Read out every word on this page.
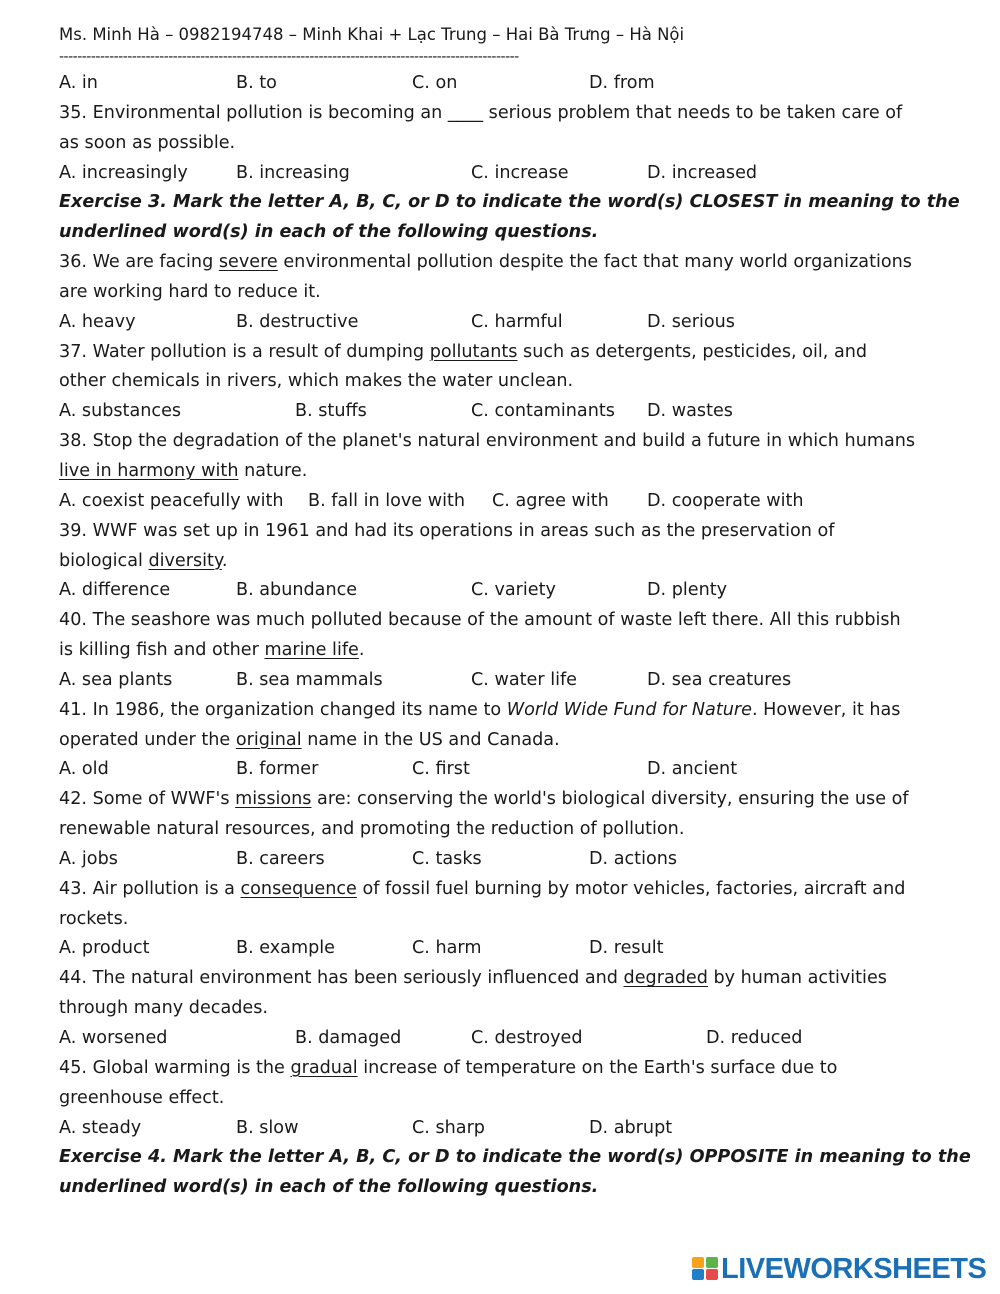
Ms. Minh Hà – 0982194748 – Minh Khai + Lạc Trung – Hai Bà Trưng – Hà Nội
-----------------------------------------------------------------------------------------------------
A. in	B. to	C. on	D. from
35. Environmental pollution is becoming an ____ serious problem that needs to be taken care of
as soon as possible.
A. increasingly	B. increasing	C. increase	D. increased
Exercise 3. Mark the letter A, B, C, or D to indicate the word(s) CLOSEST in meaning to the
underlined word(s) in each of the following questions.
36. We are facing severe environmental pollution despite the fact that many world organizations
are working hard to reduce it.
A. heavy	B. destructive	C. harmful	D. serious
37. Water pollution is a result of dumping pollutants such as detergents, pesticides, oil, and
other chemicals in rivers, which makes the water unclean.
A. substances	B. stuffs	C. contaminants D. wastes
38. Stop the degradation of the planet's natural environment and build a future in which humans
live in harmony with nature.
A. coexist peacefully with B. fall in love with C. agree with D. cooperate with
39. WWF was set up in 1961 and had its operations in areas such as the preservation of
biological diversity.
A. difference	B. abundance	C. variety	D. plenty
40. The seashore was much polluted because of the amount of waste left there. All this rubbish
is killing fish and other marine life.
A. sea plants	B. sea mammals	C. water life	D. sea creatures
41. In 1986, the organization changed its name to World Wide Fund for Nature. However, it has
operated under the original name in the US and Canada.
A. old	B. former	C. first	D. ancient
42. Some of WWF's missions are: conserving the world's biological diversity, ensuring the use of
renewable natural resources, and promoting the reduction of pollution.
A. jobs	B. careers	C. tasks	D. actions
43. Air pollution is a consequence of fossil fuel burning by motor vehicles, factories, aircraft and
rockets.
A. product	B. example	C. harm	D. result
44. The natural environment has been seriously influenced and degraded by human activities
through many decades.
A. worsened	B. damaged	C. destroyed	D. reduced
45. Global warming is the gradual increase of temperature on the Earth's surface due to
greenhouse effect.
A. steady	B. slow	C. sharp	D. abrupt
Exercise 4. Mark the letter A, B, C, or D to indicate the word(s) OPPOSITE in meaning to the
underlined word(s) in each of the following questions.
LIVEWORKSHEETS
